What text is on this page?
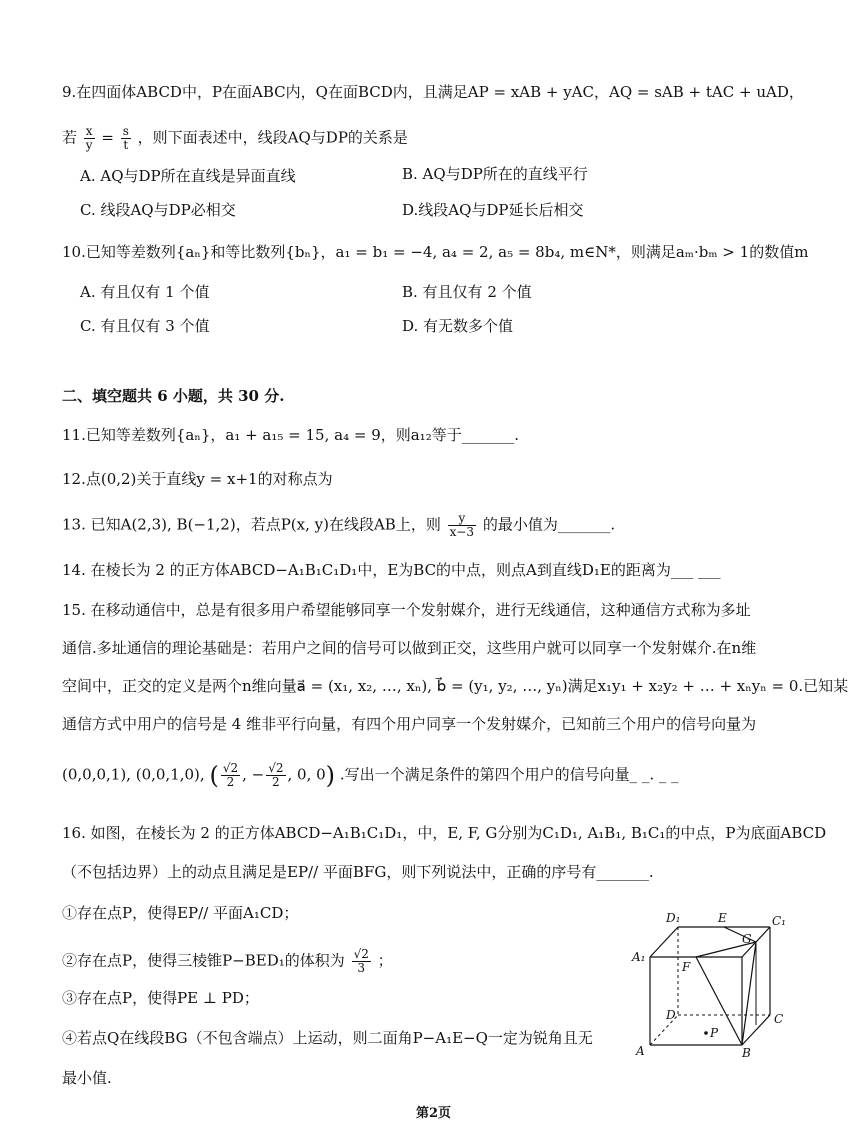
9.在四面体ABCD中，P在面ABC内，Q在面BCD内，且满足AP = xAB + yAC，AQ = sAB + tAC + uAD，
若 $\frac{x}{y} = \frac{s}{t}$ ，则下面表述中，线段AQ与DP的关系是
A. AQ与DP所在直线是异面直线	B. AQ与DP所在的直线平行
C. 线段AQ与DP必相交	D.线段AQ与DP延长后相交
10.已知等差数列{aₙ}和等比数列{bₙ}，a₁ = b₁ = −4, a₄ = 2, a₅ = 8b₄, m∈N*，则满足aₘ·bₘ > 1的数值m
A. 有且仅有 1 个值	B. 有且仅有 2 个值
C. 有且仅有 3 个值	D. 有无数多个值
二、填空题共 6 小题，共 30 分.
11.已知等差数列{aₙ}，a₁ + a₁₅ = 15, a₄ = 9，则a₁₂等于_______.
12.点(0,2)关于直线y = x+1的对称点为
13. 已知A(2,3), B(−1,2)，若点P(x, y)在线段AB上，则 $\frac{y}{x-3}$ 的最小值为_______.
14. 在棱长为 2 的正方体ABCD−A₁B₁C₁D₁中，E为BC的中点，则点A到直线D₁E的距离为___ ___
15. 在移动通信中，总是有很多用户希望能够同享一个发射媒介，进行无线通信，这种通信方式称为多址
通信.多址通信的理论基础是：若用户之间的信号可以做到正交，这些用户就可以同享一个发射媒介.在n维
空间中，正交的定义是两个n维向量a⃗ = (x₁, x₂, …, xₙ), b⃗ = (y₁, y₂, …, yₙ)满足x₁y₁ + x₂y₂ + … + xₙyₙ = 0.已知某
通信方式中用户的信号是 4 维非平行向量，有四个用户同享一个发射媒介，已知前三个用户的信号向量为
(0,0,0,1), (0,0,1,0), ( $\frac{√2}{2}$ , − $\frac{√2}{2}$ , 0, 0) .写出一个满足条件的第四个用户的信号向量_ _. _ _
16. 如图，在棱长为 2 的正方体ABCD−A₁B₁C₁D₁，中，E, F, G分别为C₁D₁, A₁B₁, B₁C₁的中点，P为底面ABCD
（不包括边界）上的动点且满足是EP// 平面BFG，则下列说法中，正确的序号有_______.
①存在点P，使得EP// 平面A₁CD；
②存在点P，使得三棱锥P−BED₁的体积为 $\frac{√2}{3}$ ；
③存在点P，使得PE ⊥ PD；
④若点Q在线段BG（不包含端点）上运动，则二面角P−A₁E−Q一定为锐角且无
最小值.
D₁	E	C₁
G
A₁
F
D
P
C
A	B
第2页
